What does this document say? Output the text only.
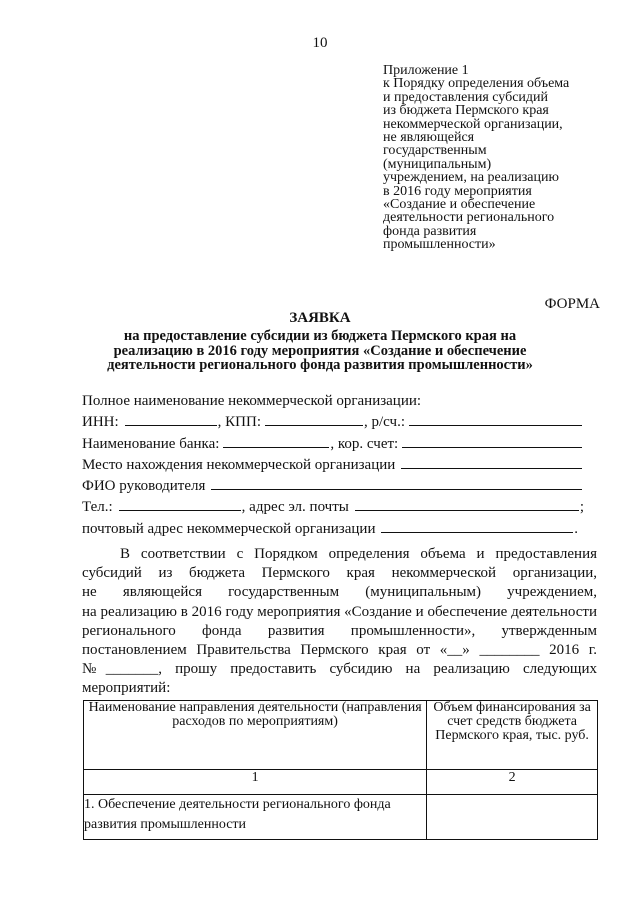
10
Приложение 1
к Порядку определения объема
и предоставления субсидий
из бюджета Пермского края
некоммерческой организации,
не являющейся
государственным
(муниципальным)
учреждением, на реализацию
в 2016 году мероприятия
«Создание и обеспечение
деятельности регионального
фонда развития
промышленности»
ФОРМА
ЗАЯВКА
на предоставление субсидии из бюджета Пермского края на
реализацию в 2016 году мероприятия «Создание и обеспечение
деятельности регионального фонда развития промышленности»
Полное наименование некоммерческой организации:
ИНН:	, КПП:	, р/сч.:
Наименование банка:	, кор. счет:
Место нахождения некоммерческой организации
ФИО руководителя
Тел.:	, адрес эл. почты	;
почтовый адрес некоммерческой организации	.
В соответствии с Порядком определения объема и предоставления
субсидий из бюджета Пермского края некоммерческой организации,
не являющейся государственным (муниципальным) учреждением,
на реализацию в 2016 году мероприятия «Создание и обеспечение деятельности
регионального фонда развития промышленности», утвержденным
постановлением Правительства Пермского края от «__» ________ 2016 г.
№_______, прошу предоставить субсидию на реализацию следующих
мероприятий:
Наименование направления деятельности (направления расходов по мероприятиям)	Объем финансирования за счет средств бюджета Пермского края, тыс. руб.
1	2
1. Обеспечение деятельности регионального фонда развития промышленности	
